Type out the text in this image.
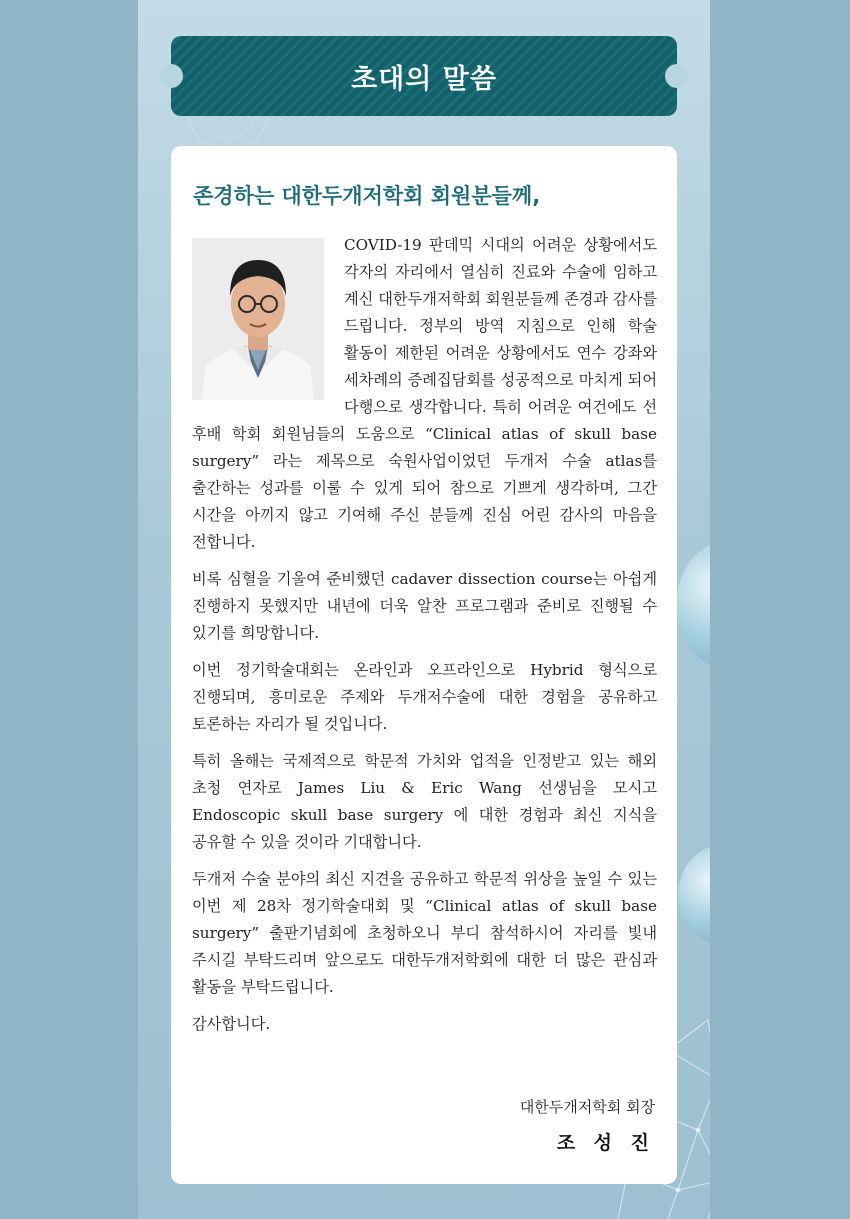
초대의 말씀
존경하는 대한두개저학회 회원분들께,

COVID-19 판데믹 시대의 어려운 상황에서도 각자의 자리에서 열심히 진료와 수술에 임하고 계신 대한두개저학회 회원분들께 존경과 감사를 드립니다. 정부의 방역 지침으로 인해 학술 활동이 제한된 어려운 상황에서도 연수 강좌와 세차례의 증례집담회를 성공적으로 마치게 되어 다행으로 생각합니다. 특히 어려운 여건에도 선 후배 학회 회원님들의 도움으로 “Clinical atlas of skull base surgery” 라는 제목으로 숙원사업이었던 두개저 수술 atlas를 출간하는 성과를 이룰 수 있게 되어 참으로 기쁘게 생각하며, 그간 시간을 아끼지 않고 기여해 주신 분들께 진심 어린 감사의 마음을 전합니다.

비록 심혈을 기울여 준비했던 cadaver dissection course는 아쉽게 진행하지 못했지만 내년에 더욱 알찬 프로그램과 준비로 진행될 수 있기를 희망합니다.

이번 정기학술대회는 온라인과 오프라인으로 Hybrid 형식으로 진행되며, 흥미로운 주제와 두개저수술에 대한 경험을 공유하고 토론하는 자리가 될 것입니다.

특히 올해는 국제적으로 학문적 가치와 업적을 인정받고 있는 해외 초청 연자로 James Liu & Eric Wang 선생님을 모시고 Endoscopic skull base surgery 에 대한 경험과 최신 지식을 공유할 수 있을 것이라 기대합니다.

두개저 수술 분야의 최신 지견을 공유하고 학문적 위상을 높일 수 있는 이번 제 28차 정기학술대회 및 “Clinical atlas of skull base surgery” 출판기념회에 초청하오니 부디 참석하시어 자리를 빛내 주시길 부탁드리며 앞으로도 대한두개저학회에 대한 더 많은 관심과 활동을 부탁드립니다.

감사합니다.

대한두개저학회 회장
조 성 진
